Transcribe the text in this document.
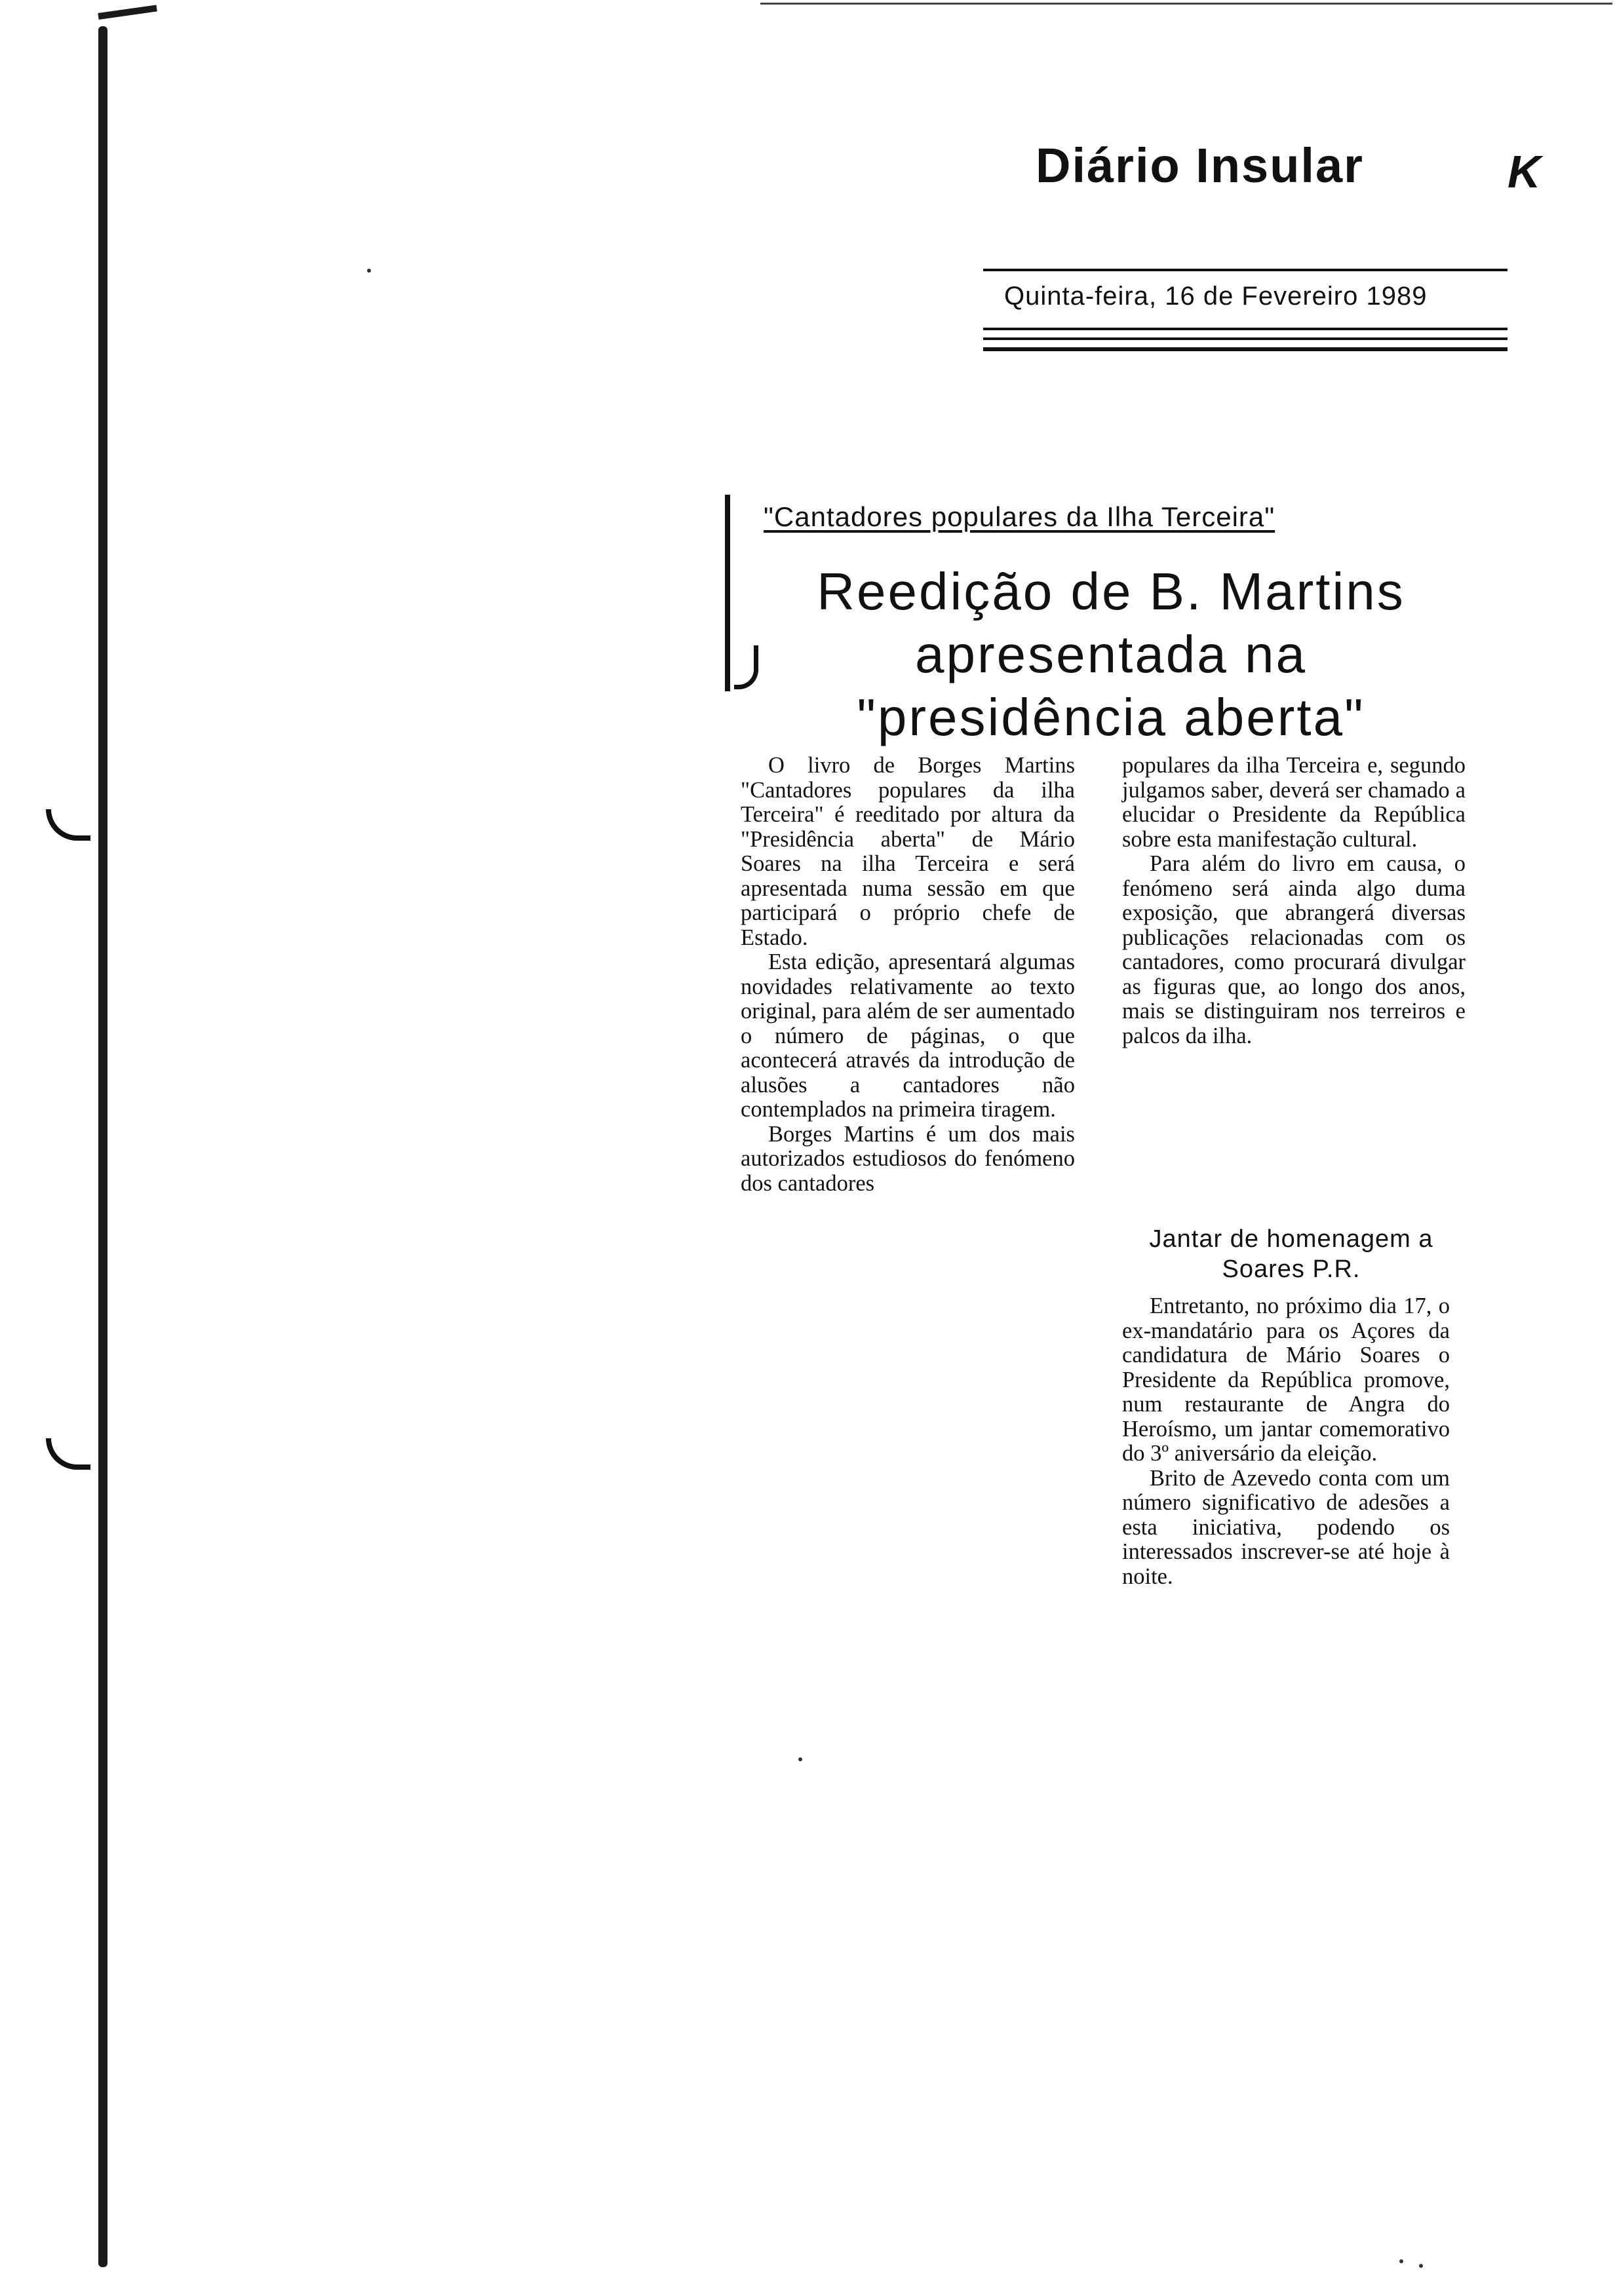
Diário Insular	K
Quinta-feira, 16 de Fevereiro 1989
"Cantadores populares da Ilha Terceira"
Reedição de B. Martins apresentada na "presidência aberta"

O livro de Borges Martins "Cantadores populares da ilha Terceira" é reeditado por altura da "Presidência aberta" de Mário Soares na ilha Terceira e será apresentada numa sessão em que participará o próprio chefe de Estado.

Esta edição, apresentará algumas novidades relativamente ao texto original, para além de ser aumentado o número de páginas, o que acontecerá através da introdução de alusões a cantadores não contemplados na primeira tiragem.

Borges Martins é um dos mais autorizados estudiosos do fenómeno dos cantadores

populares da ilha Terceira e, segundo julgamos saber, deverá ser chamado a elucidar o Presidente da República sobre esta manifestação cultural.

Para além do livro em causa, o fenómeno será ainda algo duma exposição, que abrangerá diversas publicações relacionadas com os cantadores, como procurará divulgar as figuras que, ao longo dos anos, mais se distinguiram nos terreiros e palcos da ilha.

Jantar de homenagem a Soares P.R.

Entretanto, no próximo dia 17, o ex-mandatário para os Açores da candidatura de Mário Soares o Presidente da República promove, num restaurante de Angra do Heroísmo, um jantar comemorativo do 3º aniversário da eleição.

Brito de Azevedo conta com um número significativo de adesões a esta iniciativa, podendo os interessados inscrever-se até hoje à noite.
